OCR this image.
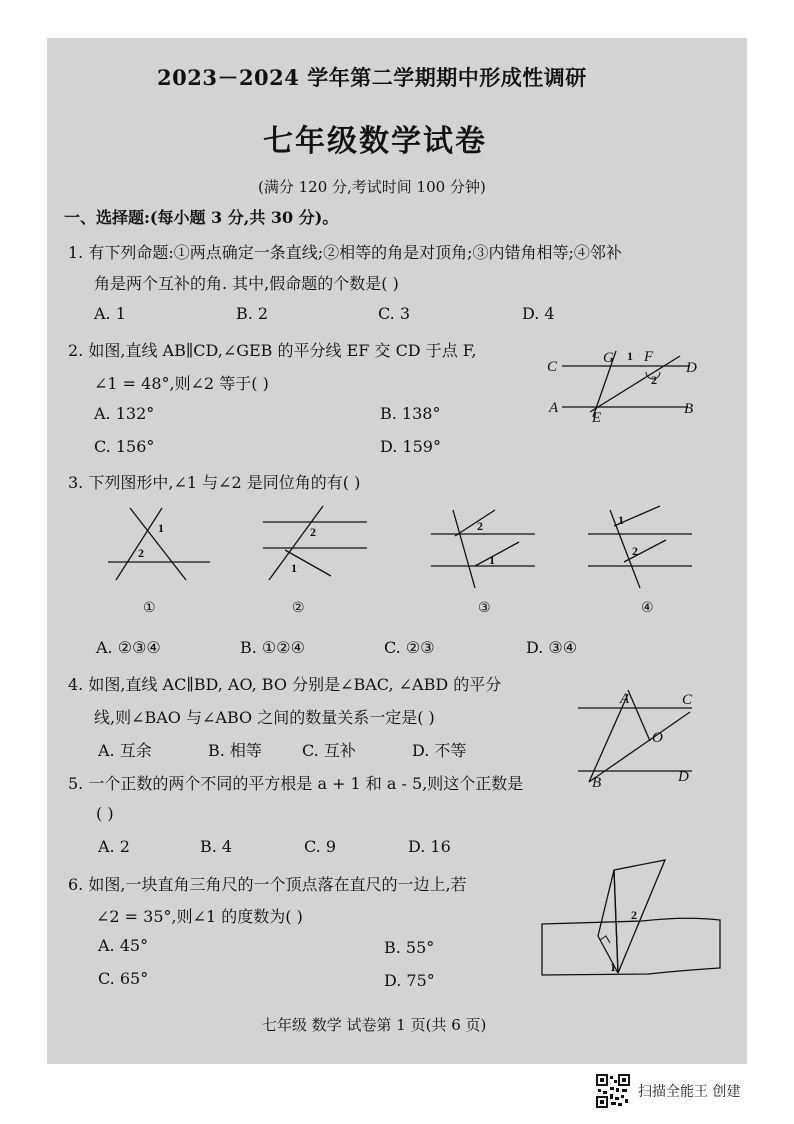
2023－2024 学年第二学期期中形成性调研
七年级数学试卷
(满分 120 分,考试时间 100 分钟)
一、选择题:(每小题 3 分,共 30 分)。
1. 有下列命题:①两点确定一条直线;②相等的角是对顶角;③内错角相等;④邻补
角是两个互补的角. 其中,假命题的个数是( )
A. 1	B. 2	C. 3	D. 4
2. 如图,直线 AB∥CD,∠GEB 的平分线 EF 交 CD 于点 F,
∠1 = 48°,则∠2 等于( )
A. 132°	B. 138°
C. 156°	D. 159°
C
G 1 F
D
2
A
E
B
3. 下列图形中,∠1 与∠2 是同位角的有( )
1
2
①
2
1
②
2
1
③
1
2
④
A. ②③④	B. ①②④	C. ②③	D. ③④
4. 如图,直线 AC∥BD, AO, BO 分别是∠BAC, ∠ABD 的平分
线,则∠BAO 与∠ABO 之间的数量关系一定是( )
A. 互余	B. 相等	C. 互补	D. 不等
A	C
O
B	D
5. 一个正数的两个不同的平方根是 a + 1 和 a - 5,则这个正数是
( )
A. 2	B. 4	C. 9	D. 16
6. 如图,一块直角三角尺的一个顶点落在直尺的一边上,若
∠2 = 35°,则∠1 的度数为( )
A. 45°	B. 55°
C. 65°	D. 75°
2
1
七年级 数学 试卷第 1 页(共 6 页)
扫描全能王 创建
